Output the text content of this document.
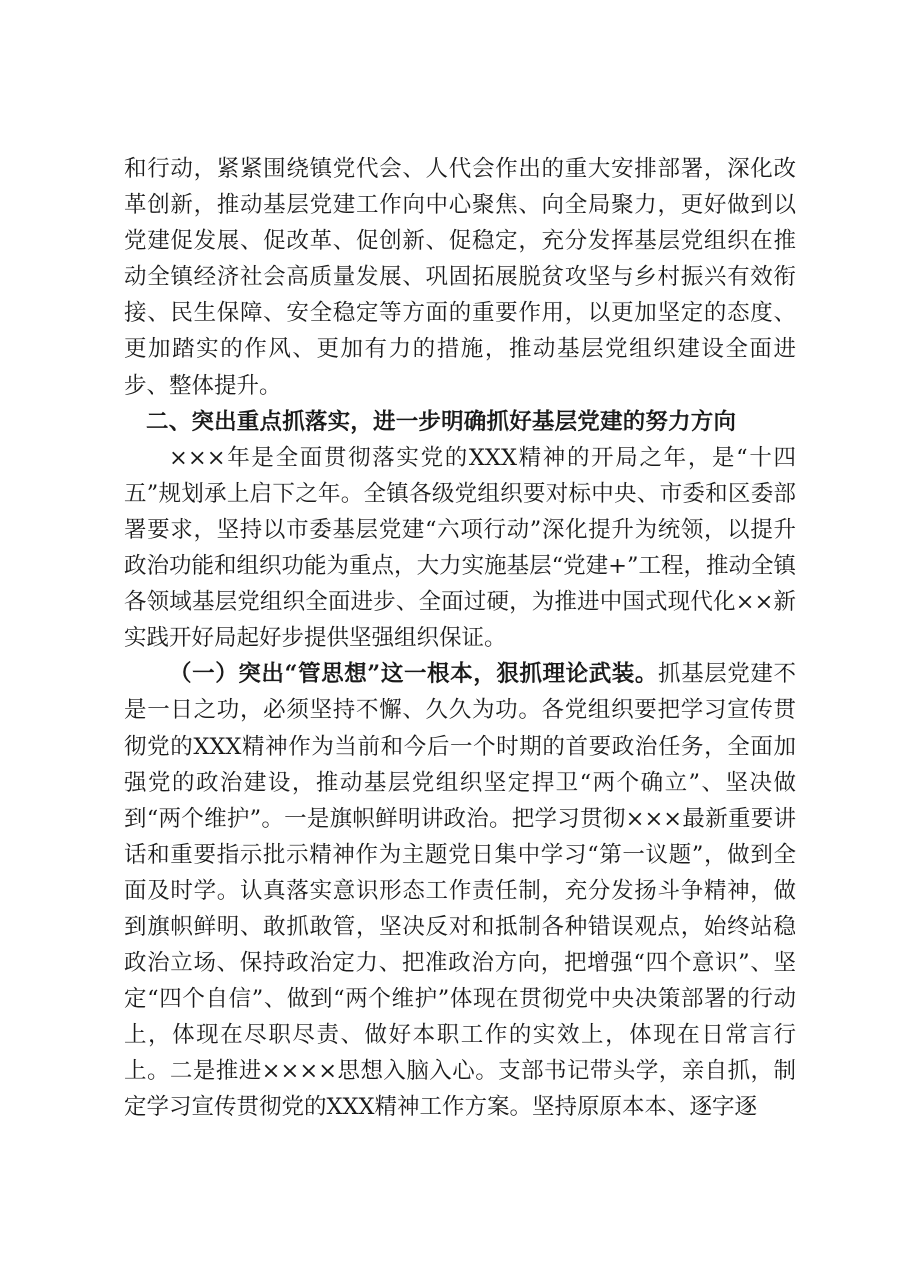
和行动，紧紧围绕镇党代会、人代会作出的重大安排部署，深化改革创新，推动基层党建工作向中心聚焦、向全局聚力，更好做到以党建促发展、促改革、促创新、促稳定，充分发挥基层党组织在推动全镇经济社会高质量发展、巩固拓展脱贫攻坚与乡村振兴有效衔接、民生保障、安全稳定等方面的重要作用，以更加坚定的态度、更加踏实的作风、更加有力的措施，推动基层党组织建设全面进步、整体提升。

二、突出重点抓落实，进一步明确抓好基层党建的努力方向

×××年是全面贯彻落实党的XXX精神的开局之年，是“十四五”规划承上启下之年。全镇各级党组织要对标中央、市委和区委部署要求，坚持以市委基层党建“六项行动”深化提升为统领，以提升政治功能和组织功能为重点，大力实施基层“党建+”工程，推动全镇各领域基层党组织全面进步、全面过硬，为推进中国式现代化××新实践开好局起好步提供坚强组织保证。

（一）突出“管思想”这一根本，狠抓理论武装。抓基层党建不是一日之功，必须坚持不懈、久久为功。各党组织要把学习宣传贯彻党的XXX精神作为当前和今后一个时期的首要政治任务，全面加强党的政治建设，推动基层党组织坚定捍卫“两个确立”、坚决做到“两个维护”。一是旗帜鲜明讲政治。把学习贯彻×××最新重要讲话和重要指示批示精神作为主题党日集中学习“第一议题”，做到全面及时学。认真落实意识形态工作责任制，充分发扬斗争精神，做到旗帜鲜明、敢抓敢管，坚决反对和抵制各种错误观点，始终站稳政治立场、保持政治定力、把准政治方向，把增强“四个意识”、坚定“四个自信”、做到“两个维护”体现在贯彻党中央决策部署的行动上，体现在尽职尽责、做好本职工作的实效上，体现在日常言行上。二是推进××××思想入脑入心。支部书记带头学，亲自抓，制定学习宣传贯彻党的XXX精神工作方案。坚持原原本本、逐字逐
